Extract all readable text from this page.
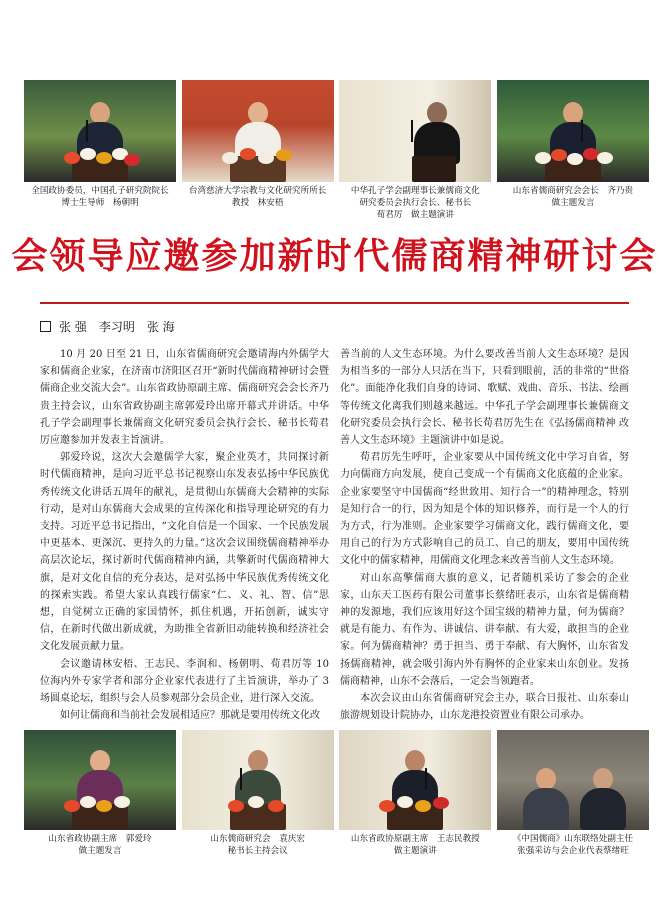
全国政协委员，中国孔子研究院院长
博士生导师　杨朝明
台湾慈济大学宗教与文化研究所所长
教授　林安梧
中华孔子学会副理事长兼儒商文化
研究委员会执行会长、秘书长
荀君厉　做主题演讲
山东省儒商研究会会长　齐乃贵
做主题发言
会领导应邀参加新时代儒商精神研讨会
张 强　李习明　张 海

10 月 20 日至 21 日，山东省儒商研究会邀请海内外儒学大家和儒商企业家，在济南市济阳区召开“新时代儒商精神研讨会暨儒商企业交流大会”。山东省政协原副主席、儒商研究会会长齐乃贵主持会议，山东省政协副主席郭爱玲出席开幕式并讲话。中华孔子学会副理事长兼儒商文化研究委员会执行会长、秘书长荀君厉应邀参加并发表主旨演讲。

郭爱玲说，这次大会邀儒学大家，聚企业英才，共同探讨新时代儒商精神，是向习近平总书记视察山东发表弘扬中华民族优秀传统文化讲话五周年的献礼，是贯彻山东儒商大会精神的实际行动，是对山东儒商大会成果的宣传深化和指导理论研究的有力支持。习近平总书记指出，“文化自信是一个国家、一个民族发展中更基本、更深沉、更持久的力量。”这次会议围绕儒商精神举办高层次论坛，探讨新时代儒商精神内涵，共擎新时代儒商精神大旗，是对文化自信的充分表达，是对弘扬中华民族优秀传统文化的探索实践。希望大家认真践行儒家“仁、义、礼、智、信”思想，自觉树立正确的家国情怀，抓住机遇，开拓创新，诚实守信，在新时代做出新成就，为助推全省新旧动能转换和经济社会文化发展贡献力量。

会议邀请林安梧、王志民、李润和、杨朝明、荀君厉等 10 位海内外专家学者和部分企业家代表进行了主旨演讲，举办了 3 场圆桌论坛，组织与会人员参观部分会员企业，进行深入交流。

如何让儒商和当前社会发展相适应？那就是要用传统文化改

善当前的人文生态环境。为什么要改善当前人文生态环境？是因为相当多的一部分人只活在当下，只看到眼前，活的非常的“世俗化”。面能净化我们自身的诗词、歌赋、戏曲、音乐、书法、绘画等传统文化离我们则越来越远。中华孔子学会副理事长兼儒商文化研究委员会执行会长、秘书长荀君厉先生在《弘扬儒商精神 改善人文生态环境》主题演讲中如是说。

荀君厉先生呼吁，企业家要从中国传统文化中学习自省，努力向儒商方向发展，使自己变成一个有儒商文化底蕴的企业家。企业家要坚守中国儒商“经世致用、知行合一”的精神理念，特别是知行合一的行，因为知是个体的知识修养，而行是一个人的行为方式，行为准则。企业家要学习儒商文化，践行儒商文化，要用自己的行为方式影响自己的员工、自己的朋友，要用中国传统文化中的儒家精神，用儒商文化理念来改善当前人文生态环境。

对山东高擎儒商大旗的意义，记者随机采访了参会的企业家，山东天工医药有限公司董事长蔡绪旺表示，山东省是儒商精神的发源地，我们应该用好这个国宝级的精神力量，何为儒商？就是有能力、有作为、讲诚信、讲奉献、有大爱，敢担当的企业家。何为儒商精神？勇于担当、勇于奉献、有大胸怀，山东省发扬儒商精神，就会吸引海内外有胸怀的企业家来山东创业。发扬儒商精神，山东不会落后，一定会当领跑者。

本次会议由山东省儒商研究会主办，联合日报社、山东泰山旅游规划设计院协办，山东龙港投资置业有限公司承办。

山东省政协副主席　郭爱玲
做主题发言
山东儒商研究会　袁庆宏
秘书长主持会议
山东省政协原副主席　王志民教授
做主题演讲
《中国儒商》山东联络处副主任
张强采访与会企业代表蔡绪旺
